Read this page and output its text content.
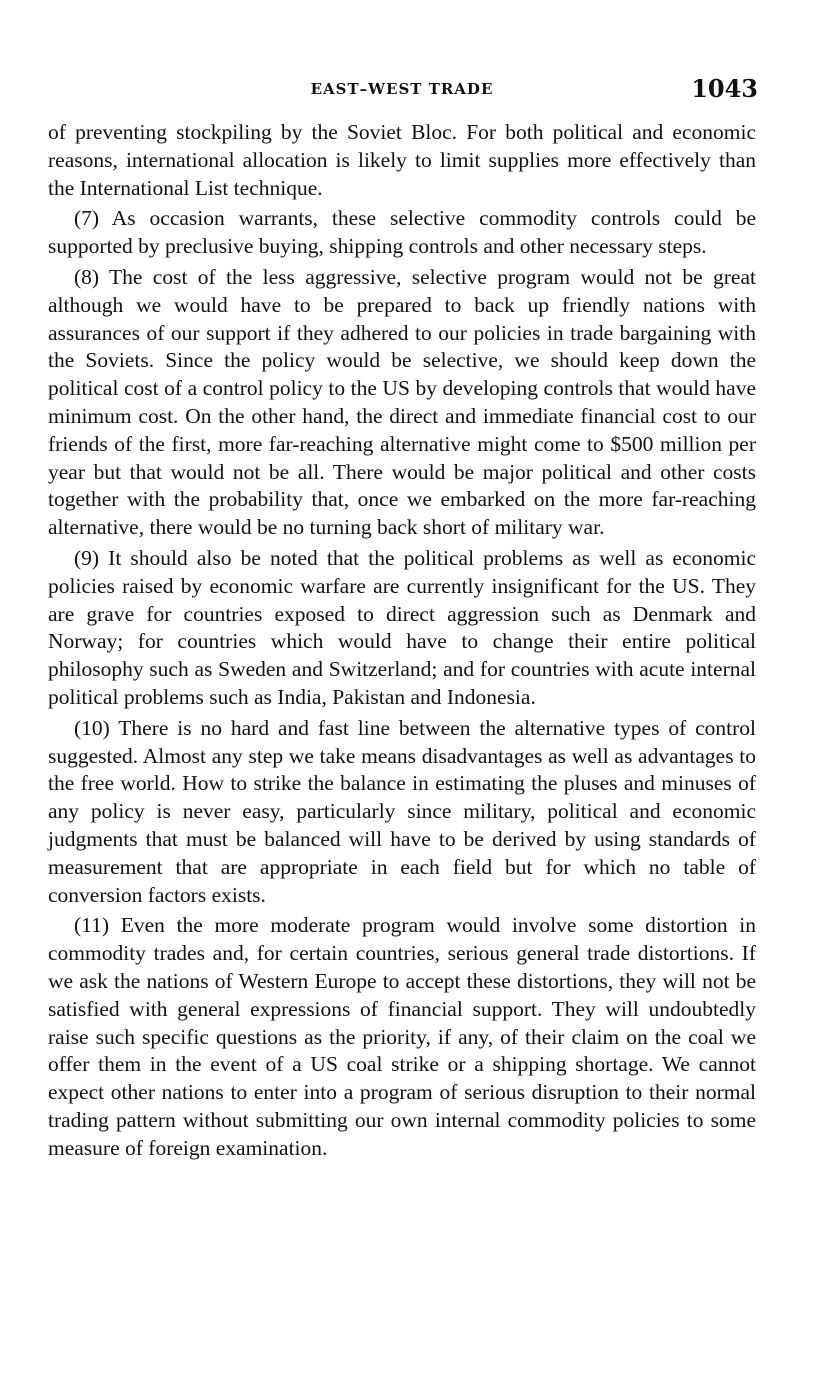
EAST–WEST TRADE	1043

of preventing stockpiling by the Soviet Bloc. For both political and economic reasons, international allocation is likely to limit supplies more effectively than the International List technique.

(7) As occasion warrants, these selective commodity controls could be supported by preclusive buying, shipping controls and other necessary steps.

(8) The cost of the less aggressive, selective program would not be great although we would have to be prepared to back up friendly nations with assurances of our support if they adhered to our policies in trade bargaining with the Soviets. Since the policy would be selective, we should keep down the political cost of a control policy to the US by developing controls that would have minimum cost. On the other hand, the direct and immediate financial cost to our friends of the first, more far-reaching alternative might come to $500 million per year but that would not be all. There would be major political and other costs together with the probability that, once we embarked on the more far-reaching alternative, there would be no turning back short of military war.

(9) It should also be noted that the political problems as well as economic policies raised by economic warfare are currently insignificant for the US. They are grave for countries exposed to direct aggression such as Denmark and Norway; for countries which would have to change their entire political philosophy such as Sweden and Switzerland; and for countries with acute internal political problems such as India, Pakistan and Indonesia.

(10) There is no hard and fast line between the alternative types of control suggested. Almost any step we take means disadvantages as well as advantages to the free world. How to strike the balance in estimating the pluses and minuses of any policy is never easy, particularly since military, political and economic judgments that must be balanced will have to be derived by using standards of measurement that are appropriate in each field but for which no table of conversion factors exists.

(11) Even the more moderate program would involve some distortion in commodity trades and, for certain countries, serious general trade distortions. If we ask the nations of Western Europe to accept these distortions, they will not be satisfied with general expressions of financial support. They will undoubtedly raise such specific questions as the priority, if any, of their claim on the coal we offer them in the event of a US coal strike or a shipping shortage. We cannot expect other nations to enter into a program of serious disruption to their normal trading pattern without submitting our own internal commodity policies to some measure of foreign examination.
